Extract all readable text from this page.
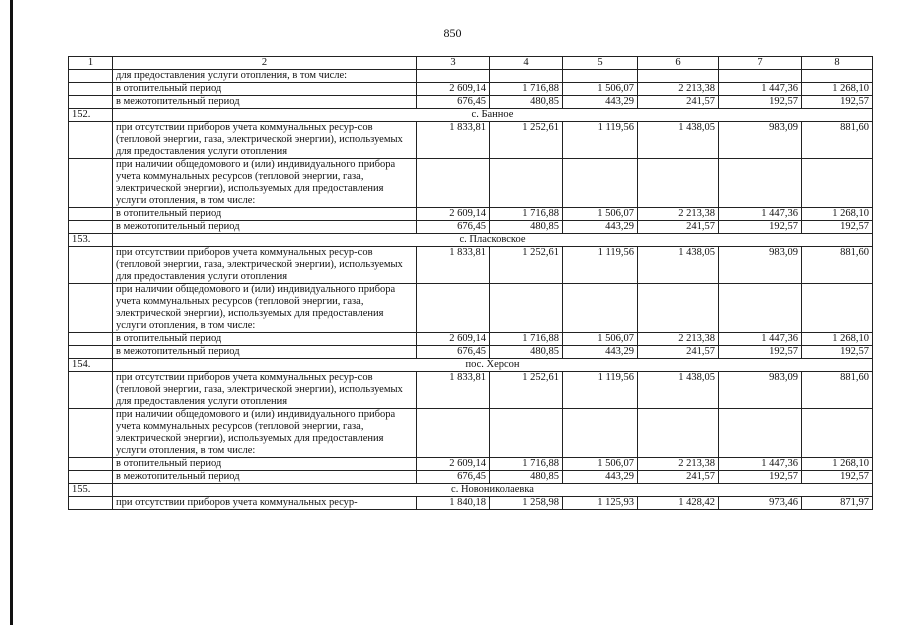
850
1	2	3	4	5	6	7	8
	для предоставления услуги отопления, в том числе:						
	в отопительный период	2 609,14	1 716,88	1 506,07	2 213,38	1 447,36	1 268,10
	в межотопительный период	676,45	480,85	443,29	241,57	192,57	192,57
152.	с. Банное						
	при отсутствии приборов учета коммунальных ресур-сов (тепловой энергии, газа, электрической энергии), используемых для предоставления услуги отопления	1 833,81	1 252,61	1 119,56	1 438,05	983,09	881,60
	при наличии общедомового и (или) индивидуального прибора учета коммунальных ресурсов (тепловой энергии, газа, электрической энергии), используемых для предоставления услуги отопления, в том числе:						
	в отопительный период	2 609,14	1 716,88	1 506,07	2 213,38	1 447,36	1 268,10
	в межотопительный период	676,45	480,85	443,29	241,57	192,57	192,57
153.	с. Пласковское						
	при отсутствии приборов учета коммунальных ресур-сов (тепловой энергии, газа, электрической энергии), используемых для предоставления услуги отопления	1 833,81	1 252,61	1 119,56	1 438,05	983,09	881,60
	при наличии общедомового и (или) индивидуального прибора учета коммунальных ресурсов (тепловой энергии, газа, электрической энергии), используемых для предоставления услуги отопления, в том числе:						
	в отопительный период	2 609,14	1 716,88	1 506,07	2 213,38	1 447,36	1 268,10
	в межотопительный период	676,45	480,85	443,29	241,57	192,57	192,57
154.	пос. Херсон						
	при отсутствии приборов учета коммунальных ресур-сов (тепловой энергии, газа, электрической энергии), используемых для предоставления услуги отопления	1 833,81	1 252,61	1 119,56	1 438,05	983,09	881,60
	при наличии общедомового и (или) индивидуального прибора учета коммунальных ресурсов (тепловой энергии, газа, электрической энергии), используемых для предоставления услуги отопления, в том числе:						
	в отопительный период	2 609,14	1 716,88	1 506,07	2 213,38	1 447,36	1 268,10
	в межотопительный период	676,45	480,85	443,29	241,57	192,57	192,57
155.	с. Новониколаевка						
	при отсутствии приборов учета коммунальных ресур-	1 840,18	1 258,98	1 125,93	1 428,42	973,46	871,97
